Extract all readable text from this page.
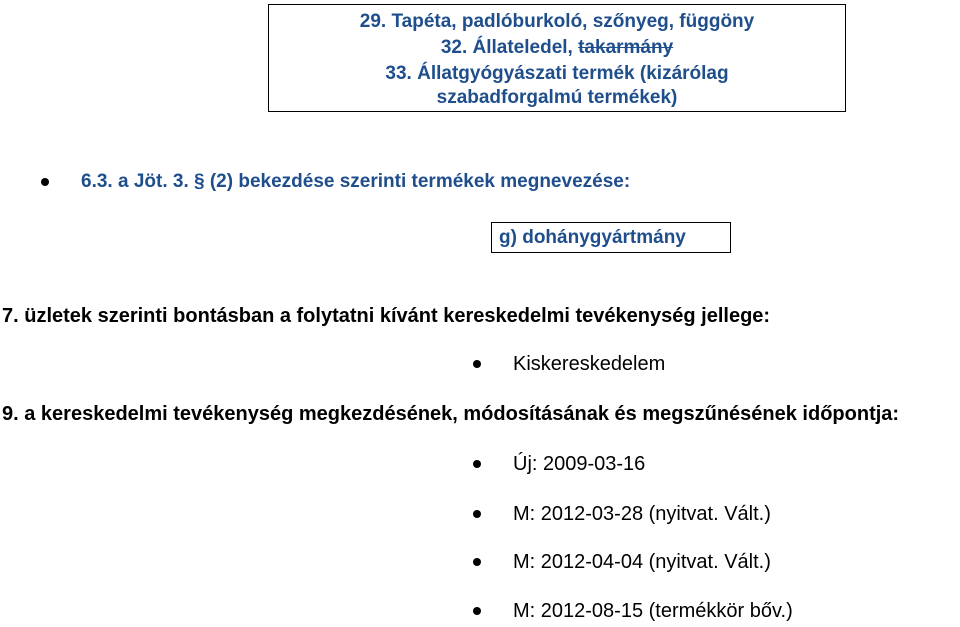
29. Tapéta, padlóburkoló, szőnyeg, függöny
32. Állateledel, takarmány
33. Állatgyógyászati termék (kizárólag
szabadforgalmú termékek)
6.3. a Jöt. 3. § (2) bekezdése szerinti termékek megnevezése:
g) dohánygyártmány
7. üzletek szerinti bontásban a folytatni kívánt kereskedelmi tevékenység jellege:
Kiskereskedelem
9. a kereskedelmi tevékenység megkezdésének, módosításának és megszűnésének időpontja:
Új: 2009-03-16
M: 2012-03-28 (nyitvat. Vált.)
M: 2012-04-04 (nyitvat. Vált.)
M: 2012-08-15 (termékkör bőv.)
